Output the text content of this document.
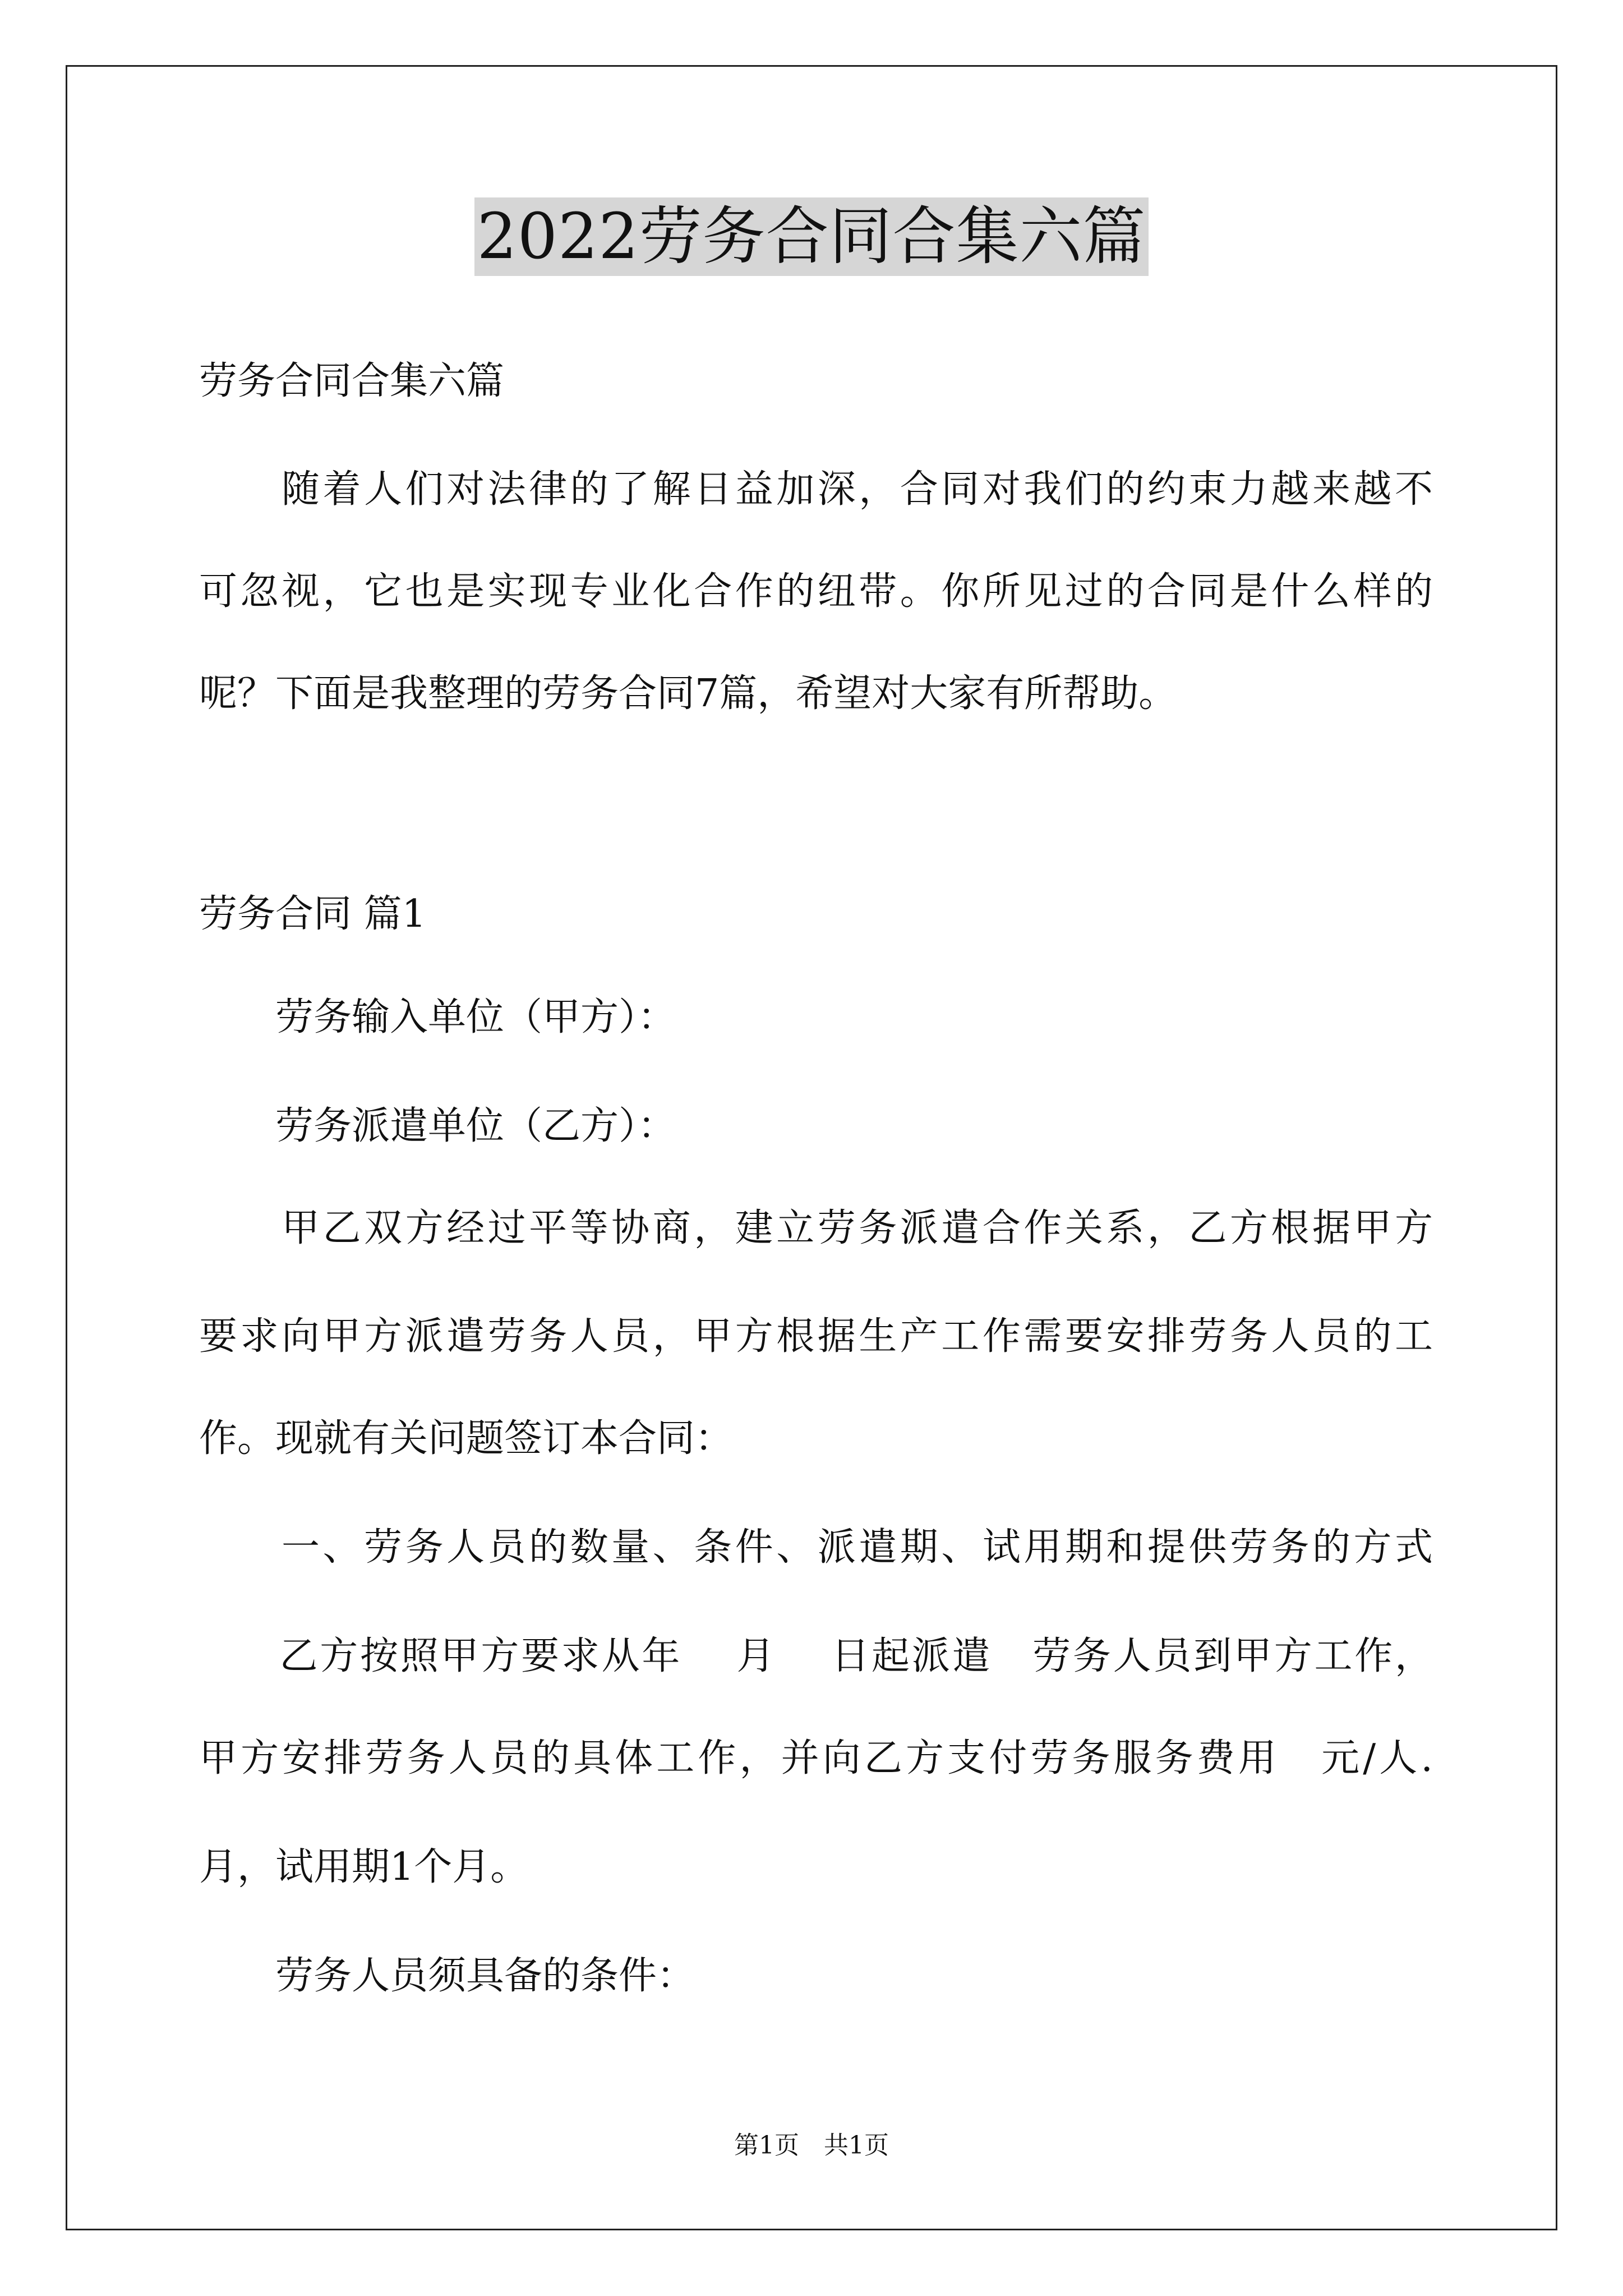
2022劳务合同合集六篇
劳务合同合集六篇
　　随着人们对法律的了解日益加深，合同对我们的约束力越来越不
可忽视，它也是实现专业化合作的纽带。你所见过的合同是什么样的
呢？下面是我整理的劳务合同7篇，希望对大家有所帮助。
劳务合同 篇1
　　劳务输入单位（甲方）：
　　劳务派遣单位（乙方）：
　　甲乙双方经过平等协商，建立劳务派遣合作关系，乙方根据甲方
要求向甲方派遣劳务人员，甲方根据生产工作需要安排劳务人员的工
作。现就有关问题签订本合同：
　　一、劳务人员的数量、条件、派遣期、试用期和提供劳务的方式
　　乙方按照甲方要求从年　 月　 日起派遣　劳务人员到甲方工作，
甲方安排劳务人员的具体工作，并向乙方支付劳务服务费用　元/人.
月，试用期1个月。
　　劳务人员须具备的条件：
第1页　共1页
